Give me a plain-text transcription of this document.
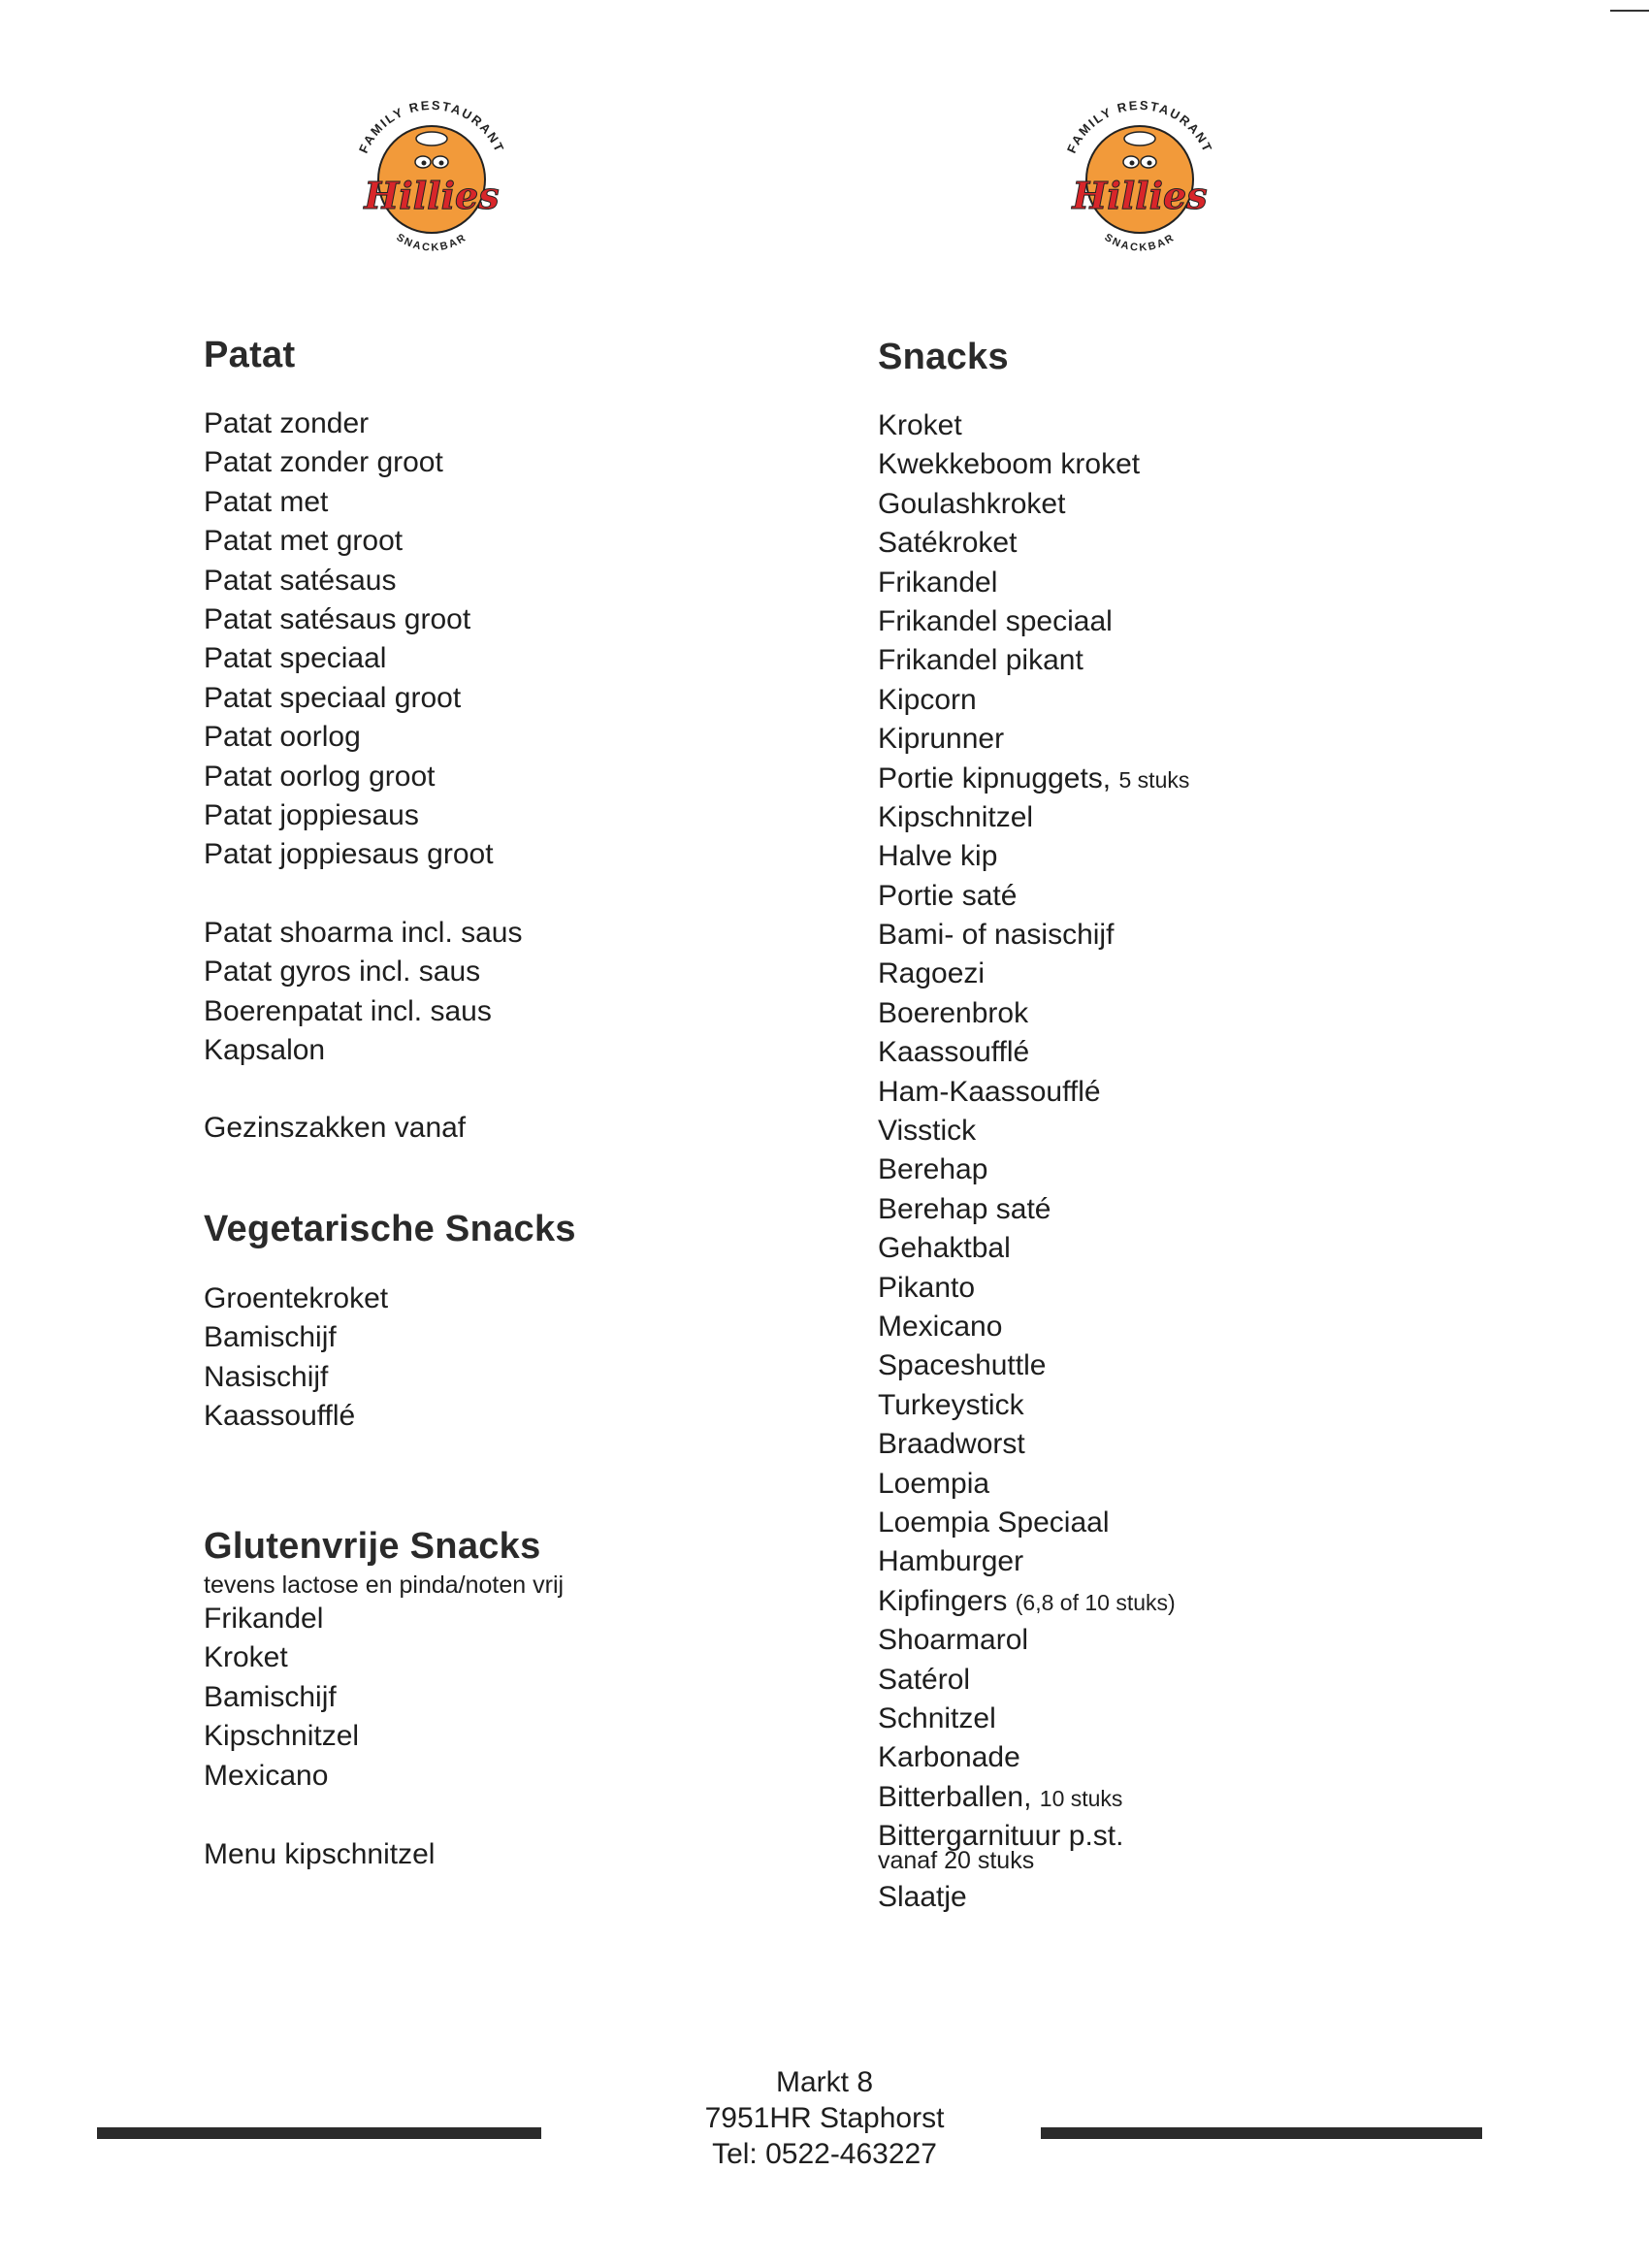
FAMILY RESTAURANT
Hillies
SNACKBAR
FAMILY RESTAURANT
Hillies
SNACKBAR
Patat
Patat zonder
Patat zonder groot
Patat met
Patat met groot
Patat satésaus
Patat satésaus groot
Patat speciaal
Patat speciaal groot
Patat oorlog
Patat oorlog groot
Patat joppiesaus
Patat joppiesaus groot
Patat shoarma incl. saus
Patat gyros incl. saus
Boerenpatat incl. saus
Kapsalon

Gezinszakken vanaf

Vegetarische Snacks
Groentekroket
Bamischijf
Nasischijf
Kaassoufflé
Glutenvrije Snacks

tevens lactose en pinda/noten vrij

Frikandel
Kroket
Bamischijf
Kipschnitzel
Mexicano

Menu kipschnitzel

Snacks
Kroket
Kwekkeboom kroket
Goulashkroket
Satékroket
Frikandel
Frikandel speciaal
Frikandel pikant
Kipcorn
Kiprunner
Portie kipnuggets, 5 stuks
Kipschnitzel
Halve kip
Portie saté
Bami- of nasischijf
Ragoezi
Boerenbrok
Kaassoufflé
Ham-Kaassoufflé
Visstick
Berehap
Berehap saté
Gehaktbal
Pikanto
Mexicano
Spaceshuttle
Turkeystick
Braadworst
Loempia
Loempia Speciaal
Hamburger
Kipfingers (6,8 of 10 stuks)
Shoarmarol
Satérol
Schnitzel
Karbonade
Bitterballen, 10 stuks
Bittergarnituur p.st.

vanaf 20 stuks

Slaatje

Markt 8
7951HR Staphorst
Tel: 0522-463227
